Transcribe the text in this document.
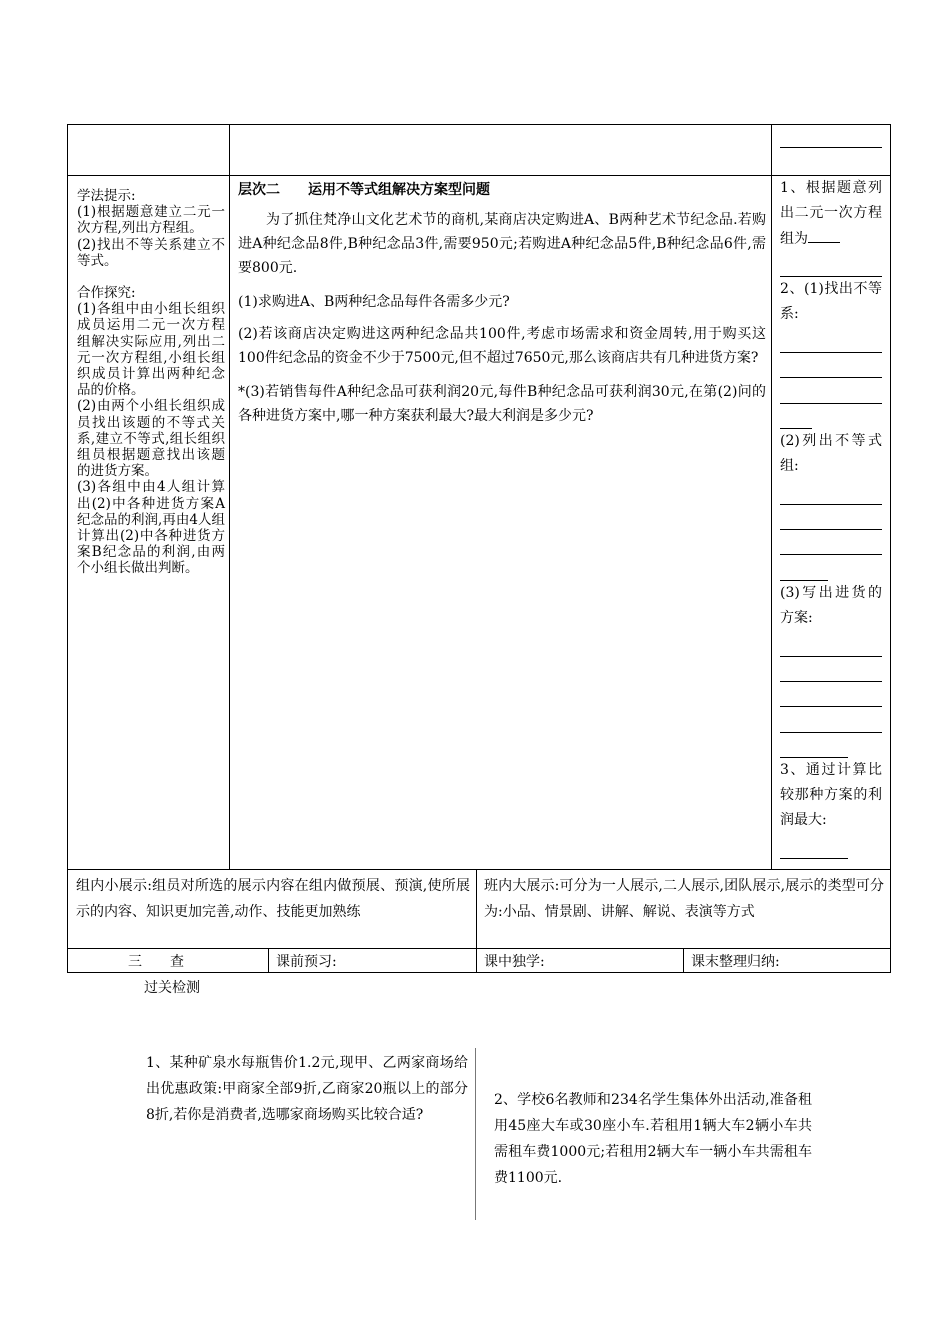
学法提示:

(1)根据题意建立二元一次方程,列出方程组。

(2)找出不等关系建立不等式。

合作探究:

(1)各组中由小组长组织成员运用二元一次方程组解决实际应用,列出二元一次方程组,小组长组织成员计算出两种纪念品的价格。

(2)由两个小组长组织成员找出该题的不等式关系,建立不等式,组长组织组员根据题意找出该题的进货方案。

(3)各组中由4人组计算出(2)中各种进货方案A纪念品的利润,再由4人组计算出(2)中各种进货方案B纪念品的利润,由两个小组长做出判断。

层次二　　运用不等式组解决方案型问题

为了抓住梵净山文化艺术节的商机,某商店决定购进A、B两种艺术节纪念品.若购进A种纪念品8件,B种纪念品3件,需要950元;若购进A种纪念品5件,B种纪念品6件,需要800元.

(1)求购进A、B两种纪念品每件各需多少元?

(2)若该商店决定购进这两种纪念品共100件,考虑市场需求和资金周转,用于购买这100件纪念品的资金不少于7500元,但不超过7650元,那么该商店共有几种进货方案?

*(3)若销售每件A种纪念品可获利润20元,每件B种纪念品可获利润30元,在第(2)问的各种进货方案中,哪一种方案获利最大?最大利润是多少元?

1、根据题意列出二元一次方程组为

2、(1)找出不等系:

(2)列出不等式组:

(3)写出进货的方案:

3、通过计算比较那种方案的利润最大:

组内小展示:组员对所选的展示内容在组内做预展、预演,使所展示的内容、知识更加完善,动作、技能更加熟练

班内大展示:可分为一人展示,二人展示,团队展示,展示的类型可分为:小品、情景剧、讲解、解说、表演等方式

三　　查	课前预习:	课中独学:	课末整理归纳:
过关检测

1、某种矿泉水每瓶售价1.2元,现甲、乙两家商场给出优惠政策:甲商家全部9折,乙商家20瓶以上的部分8折,若你是消费者,选哪家商场购买比较合适?

2、学校6名教师和234名学生集体外出活动,准备租用45座大车或30座小车.若租用1辆大车2辆小车共需租车费1000元;若租用2辆大车一辆小车共需租车费1100元.
